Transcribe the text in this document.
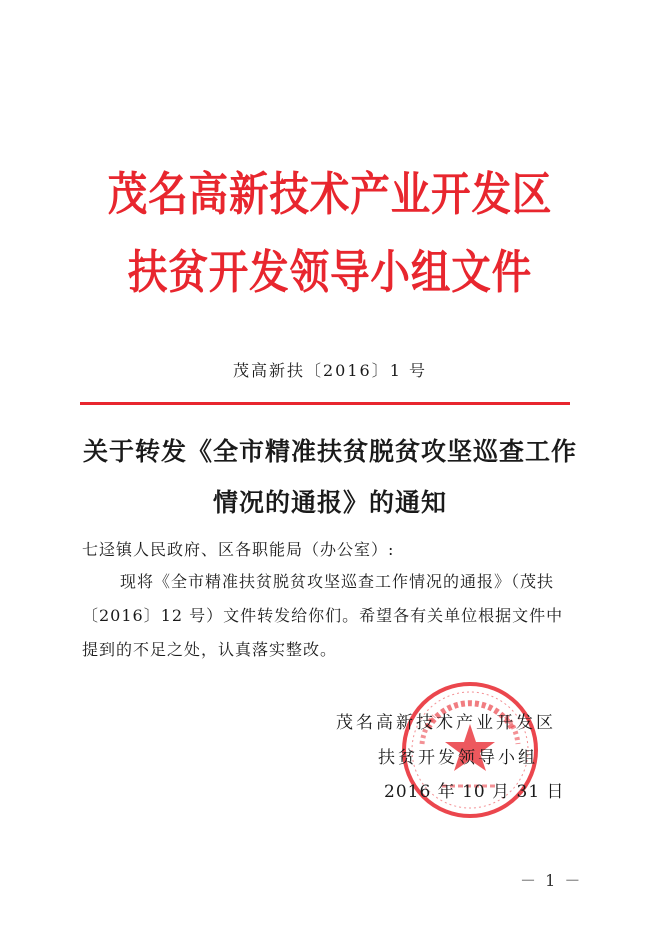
茂名高新技术产业开发区
扶贫开发领导小组文件
茂高新扶〔2016〕1 号
关于转发《全市精准扶贫脱贫攻坚巡查工作
情况的通报》的通知
七迳镇人民政府、区各职能局（办公室）:
现将《全市精准扶贫脱贫攻坚巡查工作情况的通报》（茂扶
〔2016〕12 号）文件转发给你们。希望各有关单位根据文件中
提到的不足之处，认真落实整改。
茂名高新技术产业开发区
扶贫开发领导小组
2016 年 10 月 31 日
－ 1 －
